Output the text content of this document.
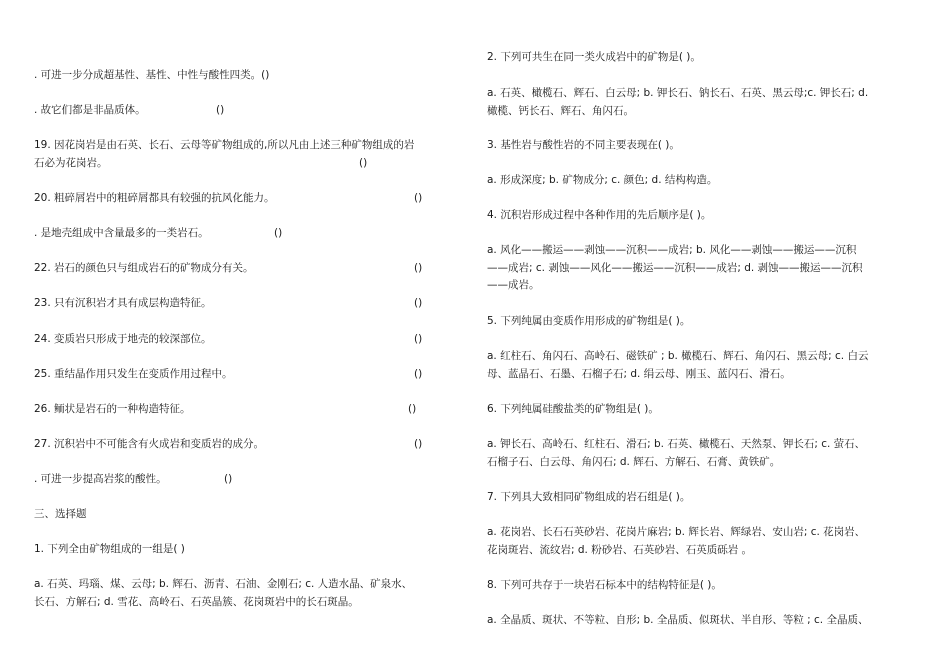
. 可进一步分成超基性、基性、中性与酸性四类。()
. 故它们都是非晶质体。	()
19. 因花岗岩是由石英、长石、云母等矿物组成的,所以凡由上述三种矿物组成的岩
石必为花岗岩。	()
20. 粗碎屑岩中的粗碎屑都具有较强的抗风化能力。	()
. 是地壳组成中含量最多的一类岩石。	()
22. 岩石的颜色只与组成岩石的矿物成分有关。	()
23. 只有沉积岩才具有成层构造特征。	()
24. 变质岩只形成于地壳的较深部位。	()
25. 重结晶作用只发生在变质作用过程中。	()
26. 鲕状是岩石的一种构造特征。	()
27. 沉积岩中不可能含有火成岩和变质岩的成分。	()
. 可进一步提高岩浆的酸性。	()
三、选择题
1. 下列全由矿物组成的一组是( )
a. 石英、玛瑙、煤、云母; b. 辉石、沥青、石油、金刚石; c. 人造水晶、矿泉水、
长石、方解石; d. 雪花、高岭石、石英晶簇、花岗斑岩中的长石斑晶。
2. 下列可共生在同一类火成岩中的矿物是( )。
a. 石英、橄榄石、辉石、白云母; b. 钾长石、钠长石、石英、黑云母;c. 钾长石; d.
橄榄、钙长石、辉石、角闪石。
3. 基性岩与酸性岩的不同主要表现在( )。
a. 形成深度; b. 矿物成分; c. 颜色; d. 结构构造。
4. 沉积岩形成过程中各种作用的先后顺序是( )。
a. 风化——搬运——剥蚀——沉积——成岩; b. 风化——剥蚀——搬运——沉积
——成岩; c. 剥蚀——风化——搬运——沉积——成岩; d. 剥蚀——搬运——沉积
——成岩。
5. 下列纯属由变质作用形成的矿物组是( )。
a. 红柱石、角闪石、高岭石、磁铁矿 ; b. 橄榄石、辉石、角闪石、黑云母; c. 白云
母、蓝晶石、石墨、石榴子石; d. 绢云母、刚玉、蓝闪石、滑石。
6. 下列纯属硅酸盐类的矿物组是( )。
a. 钾长石、高岭石、红柱石、滑石; b. 石英、橄榄石、天然泵、钾长石; c. 萤石、
石榴子石、白云母、角闪石; d. 辉石、方解石、石膏、黄铁矿。
7. 下列具大致相同矿物组成的岩石组是( )。
a. 花岗岩、长石石英砂岩、花岗片麻岩; b. 辉长岩、辉绿岩、安山岩; c. 花岗岩、
花岗斑岩、流纹岩; d. 粉砂岩、石英砂岩、石英质砾岩 。
8. 下列可共存于一块岩石标本中的结构特征是( )。
a. 全晶质、斑状、不等粒、自形; b. 全晶质、似斑状、半自形、等粒 ; c. 全晶质、
